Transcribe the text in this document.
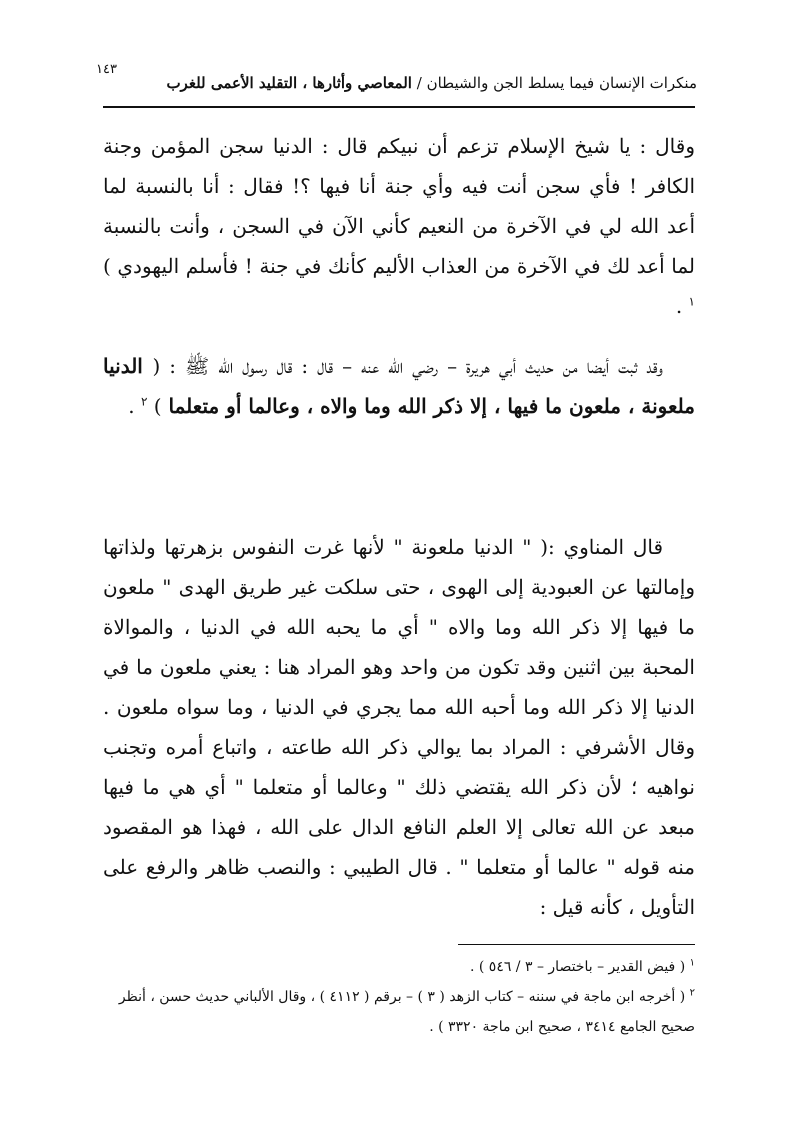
١٤٣
منكرات الإنسان فيما يسلط الجن والشيطان / المعاصي وأثارها ، التقليد الأعمى للغرب
وقال : يا شيخ الإسلام تزعم أن نبيكم قال : الدنيا سجن المؤمن وجنة الكافر ! فأي سجن أنت فيه وأي جنة أنا فيها ؟! فقال : أنا بالنسبة لما أعد الله لي في الآخرة من النعيم كأني الآن في السجن ، وأنت بالنسبة لما أعد لك في الآخرة من العذاب الأليم كأنك في جنة ! فأسلم اليهودي ) $^١$ .
وقد ثبت أيضا من حديث أبي هريرة – رضي الله عنه – قال : قال رسول الله ﷺ : ( الدنيا ملعونة ، ملعون ما فيها ، إلا ذكر الله وما والاه ، وعالما أو متعلما ) $^٢$ .
قال المناوي :( " الدنيا ملعونة " لأنها غرت النفوس بزهرتها ولذاتها وإمالتها عن العبودية إلى الهوى ، حتى سلكت غير طريق الهدى " ملعون ما فيها إلا ذكر الله وما والاه " أي ما يحبه الله في الدنيا ، والموالاة المحبة بين اثنين وقد تكون من واحد وهو المراد هنا : يعني ملعون ما في الدنيا إلا ذكر الله وما أحبه الله مما يجري في الدنيا ، وما سواه ملعون . وقال الأشرفي : المراد بما يوالي ذكر الله طاعته ، واتباع أمره وتجنب نواهيه ؛ لأن ذكر الله يقتضي ذلك " وعالما أو متعلما " أي هي ما فيها مبعد عن الله تعالى إلا العلم النافع الدال على الله ، فهذا هو المقصود منه قوله " عالما أو متعلما " . قال الطيبي : والنصب ظاهر والرفع على التأويل ، كأنه قيل :
$^١$ ( فيض القدير – باختصار – ٣ / ٥٤٦ ) .
$^٢$ ( أخرجه ابن ماجة في سننه – كتاب الزهد ( ٣ ) – برقم ( ٤١١٢ ) ، وقال الألباني حديث حسن ، أنظر صحيح الجامع ٣٤١٤ ، صحيح ابن ماجة ٣٣٢٠ ) .
